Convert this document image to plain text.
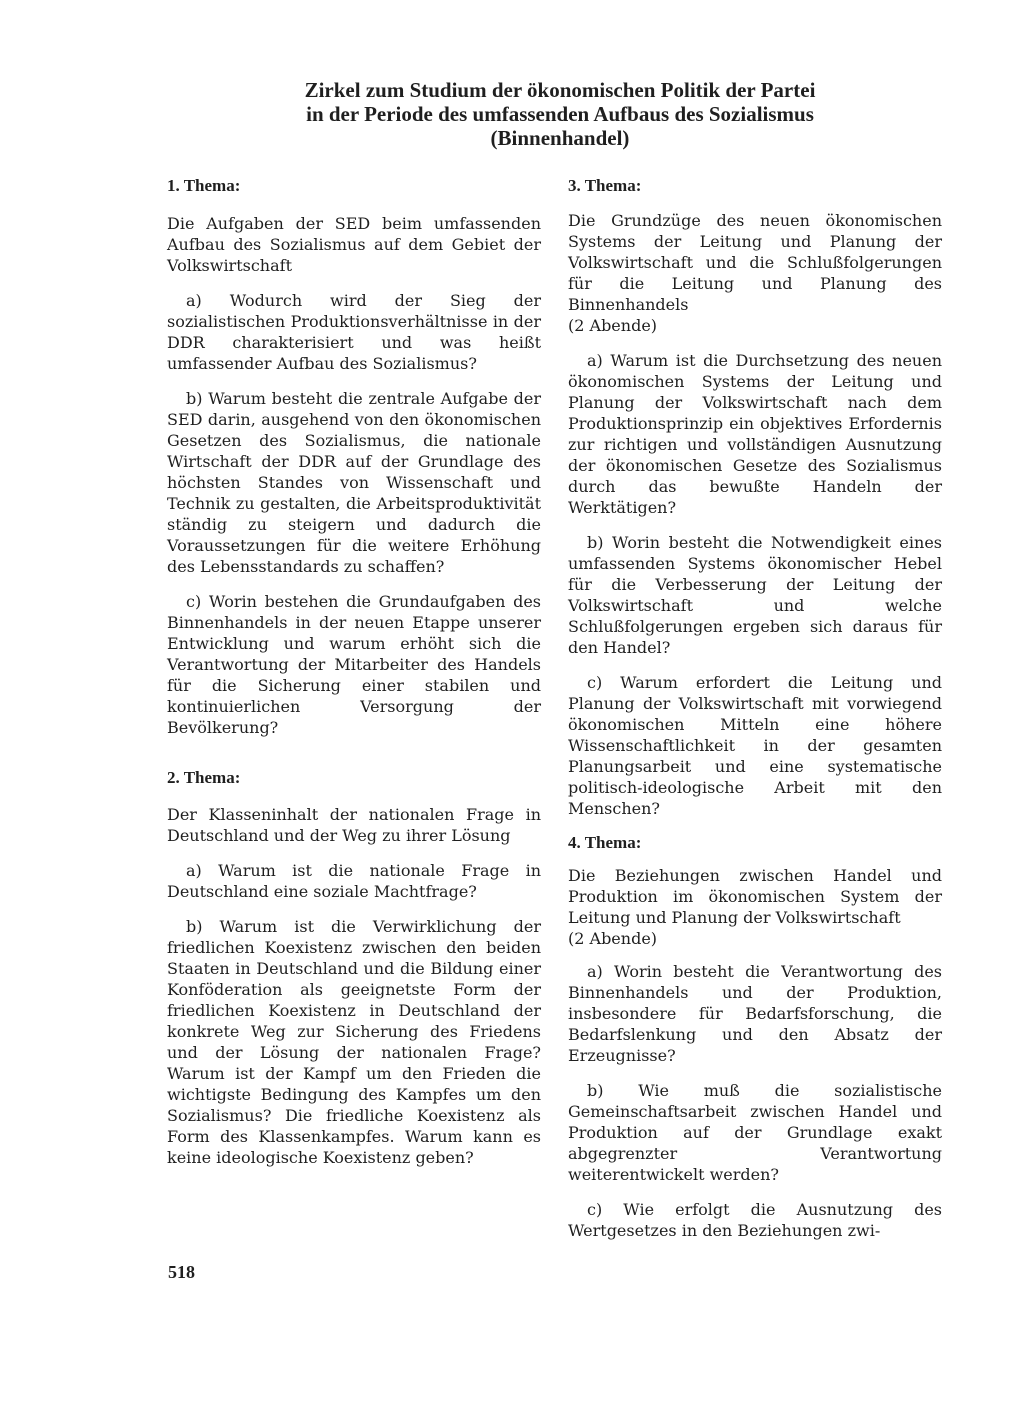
Zirkel zum Studium der ökonomischen Politik der Partei
in der Periode des umfassenden Aufbaus des Sozialismus
(Binnenhandel)

1. Thema:

Die Aufgaben der SED beim umfassenden Aufbau des Sozialismus auf dem Gebiet der Volkswirtschaft

a) Wodurch wird der Sieg der sozialistischen Produktionsverhältnisse in der DDR charakterisiert und was heißt umfassender Aufbau des Sozialismus?

b) Warum besteht die zentrale Aufgabe der SED darin, ausgehend von den ökonomischen Gesetzen des Sozialismus, die nationale Wirtschaft der DDR auf der Grundlage des höchsten Standes von Wissenschaft und Technik zu gestalten, die Arbeitsproduktivität ständig zu steigern und dadurch die Voraussetzungen für die weitere Erhöhung des Lebensstandards zu schaffen?

c) Worin bestehen die Grundaufgaben des Binnenhandels in der neuen Etappe unserer Entwicklung und warum erhöht sich die Verantwortung der Mitarbeiter des Handels für die Sicherung einer stabilen und kontinuierlichen Versorgung der Bevölkerung?

2. Thema:

Der Klasseninhalt der nationalen Frage in Deutschland und der Weg zu ihrer Lösung

a) Warum ist die nationale Frage in Deutschland eine soziale Machtfrage?

b) Warum ist die Verwirklichung der friedlichen Koexistenz zwischen den beiden Staaten in Deutschland und die Bildung einer Konföderation als geeignetste Form der friedlichen Koexistenz in Deutschland der konkrete Weg zur Sicherung des Friedens und der Lösung der nationalen Frage? Warum ist der Kampf um den Frieden die wichtigste Bedingung des Kampfes um den Sozialismus? Die friedliche Koexistenz als Form des Klassenkampfes. Warum kann es keine ideologische Koexistenz geben?

3. Thema:

Die Grundzüge des neuen ökonomischen Systems der Leitung und Planung der Volkswirtschaft und die Schlußfolgerungen für die Leitung und Planung des Binnenhandels

(2 Abende)

a) Warum ist die Durchsetzung des neuen ökonomischen Systems der Leitung und Planung der Volkswirtschaft nach dem Produktionsprinzip ein objektives Erfordernis zur richtigen und vollständigen Ausnutzung der ökonomischen Gesetze des Sozialismus durch das bewußte Handeln der Werktätigen?

b) Worin besteht die Notwendigkeit eines umfassenden Systems ökonomischer Hebel für die Verbesserung der Leitung der Volkswirtschaft und welche Schlußfolgerungen ergeben sich daraus für den Handel?

c) Warum erfordert die Leitung und Planung der Volkswirtschaft mit vorwiegend ökonomischen Mitteln eine höhere Wissenschaftlichkeit in der gesamten Planungsarbeit und eine systematische politisch-ideologische Arbeit mit den Menschen?

4. Thema:

Die Beziehungen zwischen Handel und Produktion im ökonomischen System der Leitung und Planung der Volkswirtschaft

(2 Abende)

a) Worin besteht die Verantwortung des Binnenhandels und der Produktion, insbesondere für Bedarfsforschung, die Bedarfslenkung und den Absatz der Erzeugnisse?

b) Wie muß die sozialistische Gemeinschaftsarbeit zwischen Handel und Produktion auf der Grundlage exakt abgegrenzter Verantwortung weiterentwickelt werden?

c) Wie erfolgt die Ausnutzung des Wertgesetzes in den Beziehungen zwi-

518
